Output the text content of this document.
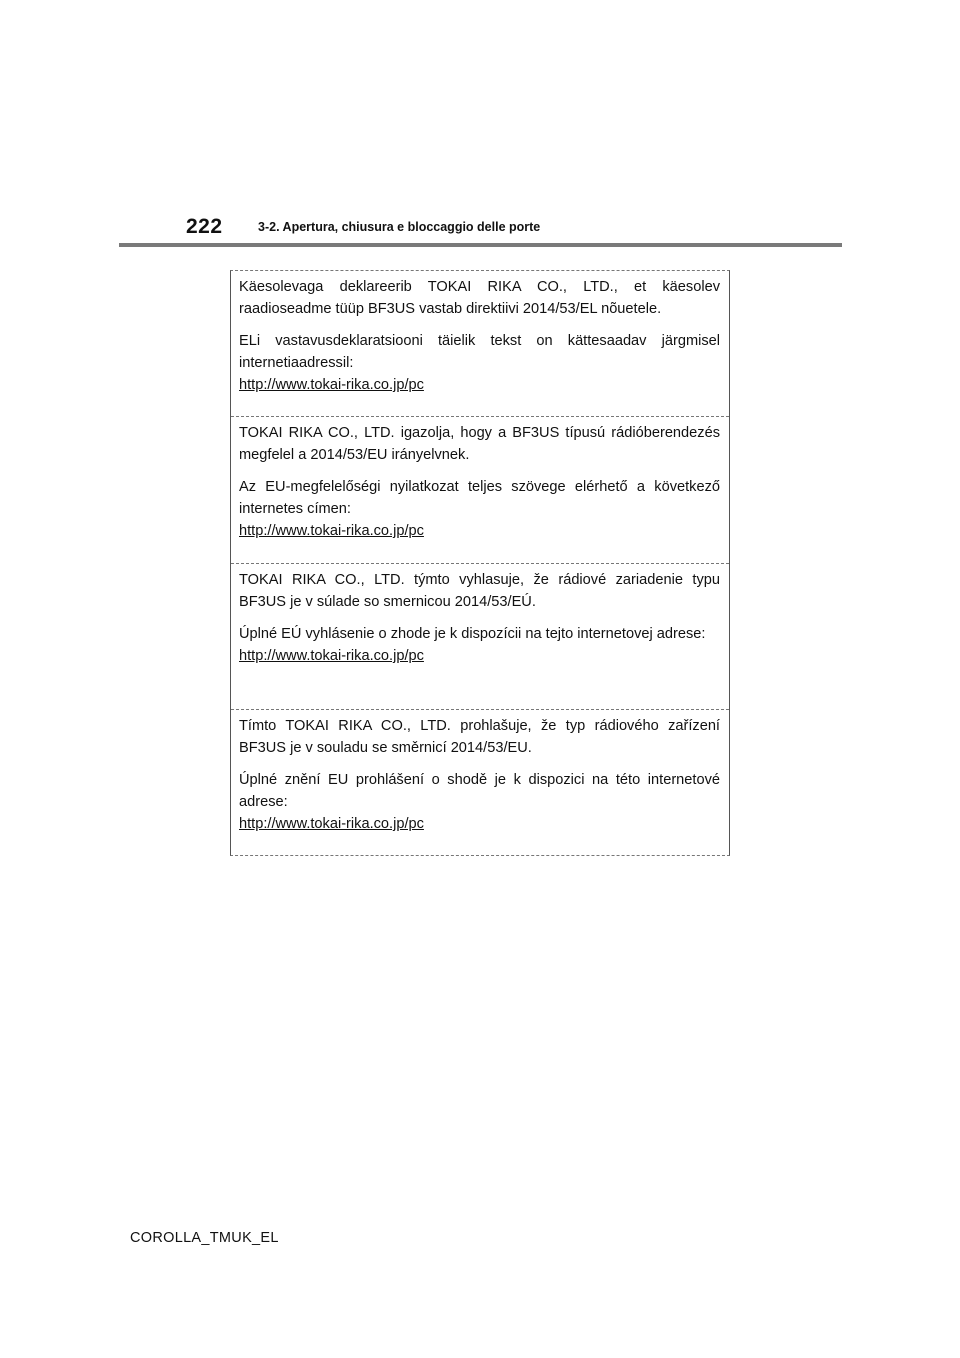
222	3-2. Apertura, chiusura e bloccaggio delle porte

Käesolevaga deklareerib TOKAI RIKA CO., LTD., et käesolev raadioseadme tüüp BF3US vastab direktiivi 2014/53/EL nõuetele.

ELi vastavusdeklaratsiooni täielik tekst on kättesaadav järgmisel internetiaadressil:

http://www.tokai-rika.co.jp/pc

TOKAI RIKA CO., LTD. igazolja, hogy a BF3US típusú rádióberendezés megfelel a 2014/53/EU irányelvnek.

Az EU-megfelelőségi nyilatkozat teljes szövege elérhető a következő internetes címen:

http://www.tokai-rika.co.jp/pc

TOKAI RIKA CO., LTD. týmto vyhlasuje, že rádiové zariadenie typu BF3US je v súlade so smernicou 2014/53/EÚ.

Úplné EÚ vyhlásenie o zhode je k dispozícii na tejto internetovej adrese:

http://www.tokai-rika.co.jp/pc

Tímto TOKAI RIKA CO., LTD. prohlašuje, že typ rádiového zařízení BF3US je v souladu se směrnicí 2014/53/EU.

Úplné znění EU prohlášení o shodě je k dispozici na této internetové adrese:

http://www.tokai-rika.co.jp/pc
COROLLA_TMUK_EL
